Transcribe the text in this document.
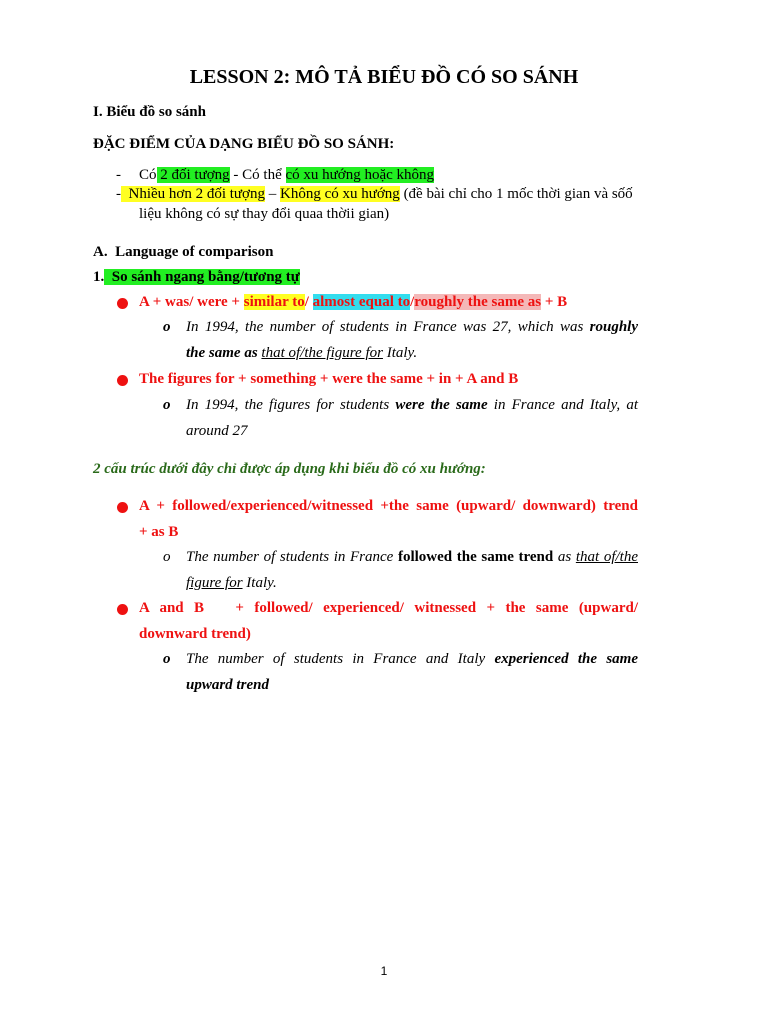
LESSON 2: MÔ TẢ BIỂU ĐỒ CÓ SO SÁNH
I. Biểu đồ so sánh
ĐẶC ĐIỂM CỦA DẠNG BIỂU ĐỒ SO SÁNH:
- Có 2 đối tượng - Có thể có xu hướng hoặc không
- Nhiều hơn 2 đối tượng – Không có xu hướng (đề bài chỉ cho 1 mốc thời gian và sốố
liệu không có sự thay đổi quaa thờii gian)
A.  Language of comparison
1.  So sánh ngang bằng/tương tự
A + was/ were + similar to/ almost equal to/roughly the same as + B
o In 1994, the number of students in France was 27, which was roughly
the same as that of/the figure for Italy.
The figures for + something + were the same + in + A and B
o In 1994, the figures for students were the same in France and Italy, at
around 27
2 cấu trúc dưới đây chỉ được áp dụng khi biểu đồ có xu hướng:
A + followed/experienced/witnessed +the same (upward/ downward) trend
+ as B
o The number of students in France followed the same trend as that of/the
figure for Italy.
A and B   + followed/ experienced/ witnessed + the same (upward/
downward trend)
o The number of students in France and Italy experienced the same
upward trend
1
